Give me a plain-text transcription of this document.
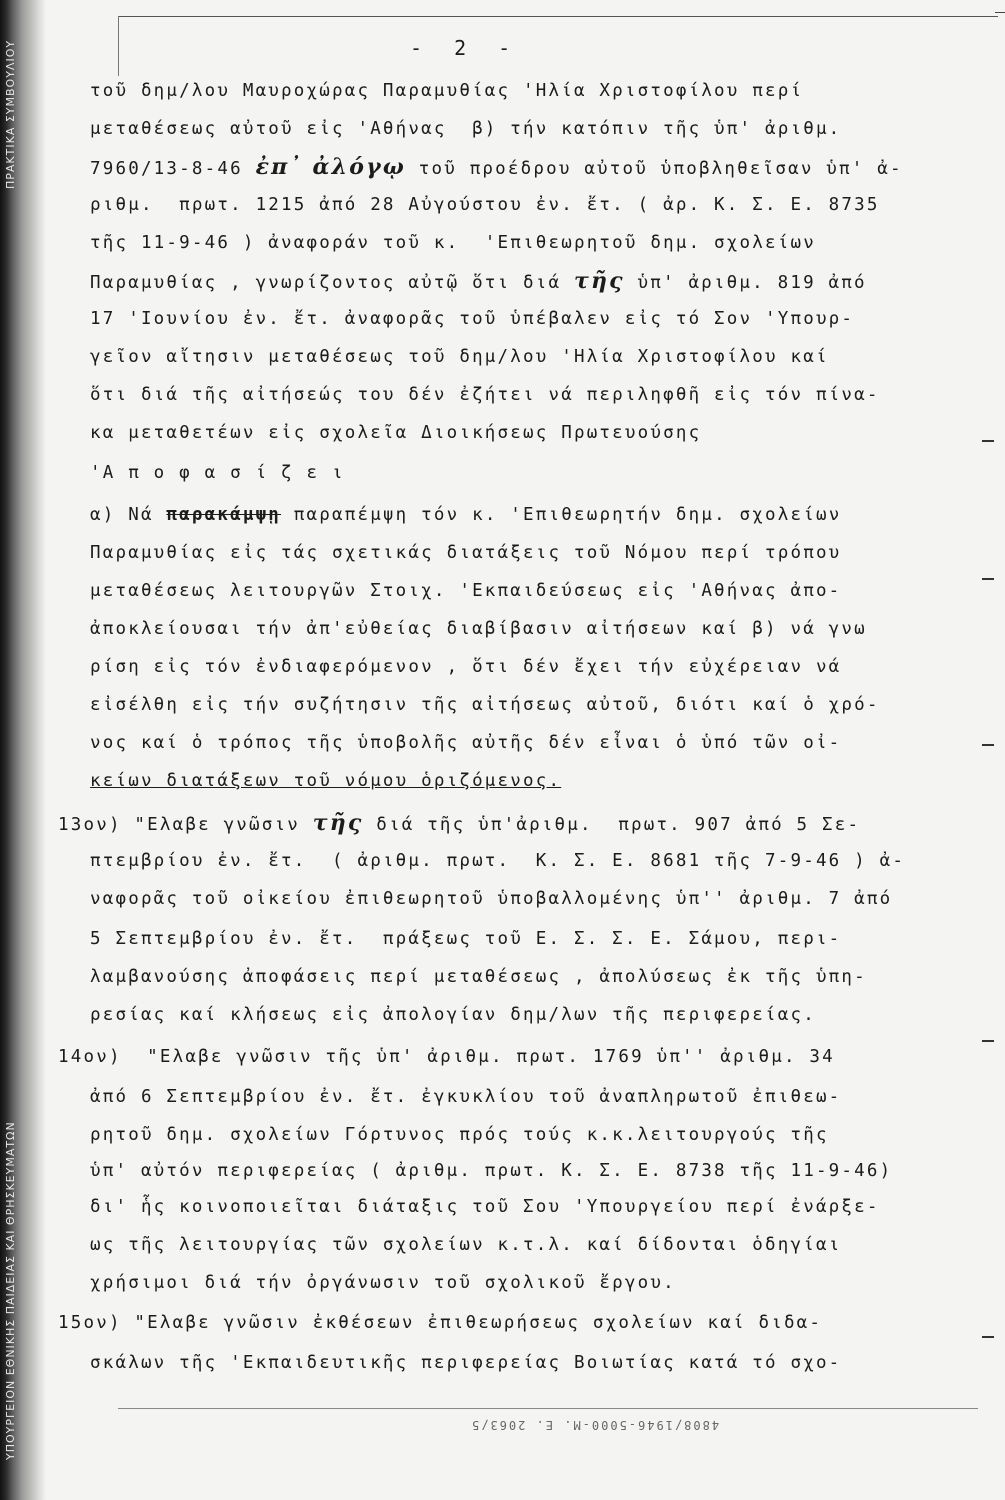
ΥΠΟΥΡΓΕΙΟΝ ΕΘΝΙΚΗΣ ΠΑΙΔΕΙΑΣ ΚΑΙ ΘΡΗΣΚΕΥΜΑΤΩΝ
ΠΡΑΚΤΙΚΑ ΣΥΜΒΟΥΛΙΟΥ	- 2 -
τοῦ δημ/λου Μαυροχώρας Παραμυθίας 'Ηλία Χριστοφίλου περί
μεταθέσεως αὐτοῦ εἰς 'Αθήνας  β) τήν κατόπιν τῆς ὑπ' ἀριθμ.
7960/13-8-46 ἐπ᾽ ἀλόγῳ τοῦ προέδρου αὐτοῦ ὑποβληθεῖσαν ὑπ' ἀ-
ριθμ.  πρωτ. 1215 ἀπό 28 Αὐγούστου ἐν. ἔτ. ( ἀρ. Κ. Σ. Ε. 8735
τῆς 11-9-46 ) ἀναφοράν τοῦ κ.  'Επιθεωρητοῦ δημ. σχολείων
Παραμυθίας , γνωρίζοντος αὐτῷ ὅτι διά τῆς ὑπ' ἀριθμ. 819 ἀπό
17 'Ιουνίου ἐν. ἔτ. ἀναφορᾶς τοῦ ὑπέβαλεν εἰς τό Σον 'Υπουρ-
γεῖον αἴτησιν μεταθέσεως τοῦ δημ/λου 'Ηλία Χριστοφίλου καί
ὅτι διά τῆς αἰτήσεώς του δέν ἐζήτει νά περιληφθῆ εἰς τόν πίνα-
κα μεταθετέων εἰς σχολεῖα Διοικήσεως Πρωτευούσης
'Α π ο φ α σ ί ζ ε ι
α) Νά παρακάμψῃ παραπέμψη τόν κ. 'Επιθεωρητήν δημ. σχολείων
Παραμυθίας εἰς τάς σχετικάς διατάξεις τοῦ Νόμου περί τρόπου
μεταθέσεως λειτουργῶν Στοιχ. 'Εκπαιδεύσεως εἰς 'Αθήνας ἀπο-
ἀποκλείουσαι τήν ἀπ'εὐθείας διαβίβασιν αἰτήσεων καί β) νά γνω
ρίση εἰς τόν ἐνδιαφερόμενον , ὅτι δέν ἔχει τήν εὐχέρειαν νά
εἰσέλθη εἰς τήν συζήτησιν τῆς αἰτήσεως αὐτοῦ, διότι καί ὁ χρό-
νος καί ὁ τρόπος τῆς ὑποβολῆς αὐτῆς δέν εἶναι ὁ ὑπό τῶν οἰ-
κείων διατάξεων τοῦ νόμου ὁριζόμενος.
13ον) "Ελαβε γνῶσιν τῆς διά τῆς ὑπ'ἀριθμ.  πρωτ. 907 ἀπό 5 Σε-
πτεμβρίου ἐν. ἔτ.  ( ἀριθμ. πρωτ.  Κ. Σ. Ε. 8681 τῆς 7-9-46 ) ἀ-
ναφορᾶς τοῦ οἰκείου ἐπιθεωρητοῦ ὑποβαλλομένης ὑπ'' ἀριθμ. 7 ἀπό
5 Σεπτεμβρίου ἐν. ἔτ.  πράξεως τοῦ Ε. Σ. Σ. Ε. Σάμου, περι-
λαμβανούσης ἀποφάσεις περί μεταθέσεως , ἀπολύσεως ἐκ τῆς ὑπη-
ρεσίας καί κλήσεως εἰς ἀπολογίαν δημ/λων τῆς περιφερείας.
14ον)  "Ελαβε γνῶσιν τῆς ὑπ' ἀριθμ. πρωτ. 1769 ὑπ'' ἀριθμ. 34
ἀπό 6 Σεπτεμβρίου ἐν. ἔτ. ἐγκυκλίου τοῦ ἀναπληρωτοῦ ἐπιθεω-
ρητοῦ δημ. σχολείων Γόρτυνος πρός τούς κ.κ.λειτουργούς τῆς
ὑπ' αὐτόν περιφερείας ( ἀριθμ. πρωτ. Κ. Σ. Ε. 8738 τῆς 11-9-46)
δι' ἧς κοινοποιεῖται διάταξις τοῦ Σου 'Υπουργείου περί ἐνάρξε-
ως τῆς λειτουργίας τῶν σχολείων κ.τ.λ. καί δίδονται ὁδηγίαι
χρήσιμοι διά τήν ὀργάνωσιν τοῦ σχολικοῦ ἔργου.
15ον) "Ελαβε γνῶσιν ἐκθέσεων ἐπιθεωρήσεως σχολείων καί διδα-
σκάλων τῆς 'Εκπαιδευτικῆς περιφερείας Βοιωτίας κατά τό σχο-
4808/1946-5000-Μ. Ε. 2063/5
